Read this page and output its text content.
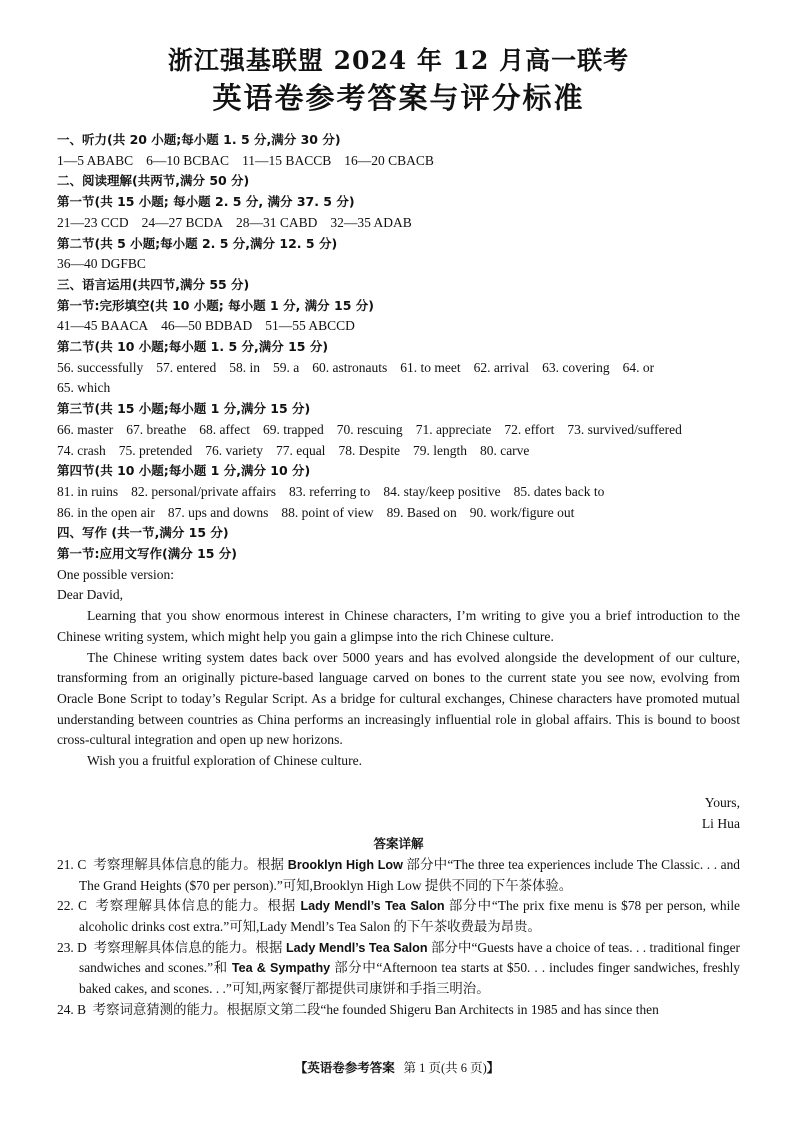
浙江强基联盟 2024 年 12 月高一联考
英语卷参考答案与评分标准
一、听力(共 20 小题;每小题 1. 5 分,满分 30 分)
1—5 ABABC 6—10 BCBAC 11—15 BACCB 16—20 CBACB
二、阅读理解(共两节,满分 50 分)
第一节(共 15 小题; 每小题 2. 5 分, 满分 37. 5 分)
21—23 CCD 24—27 BCDA 28—31 CABD 32—35 ADAB
第二节(共 5 小题;每小题 2. 5 分,满分 12. 5 分)
36—40 DGFBC
三、语言运用(共四节,满分 55 分)
第一节:完形填空(共 10 小题; 每小题 1 分, 满分 15 分)
41—45 BAACA 46—50 BDBAD 51—55 ABCCD
第二节(共 10 小题;每小题 1. 5 分,满分 15 分)
56. successfully 57. entered 58. in 59. a 60. astronauts 61. to meet 62. arrival 63. covering 64. or
65. which
第三节(共 15 小题;每小题 1 分,满分 15 分)
66. master 67. breathe 68. affect 69. trapped 70. rescuing 71. appreciate 72. effort 73. survived/suffered
74. crash 75. pretended 76. variety 77. equal 78. Despite 79. length 80. carve
第四节(共 10 小题;每小题 1 分,满分 10 分)
81. in ruins 82. personal/private affairs 83. referring to 84. stay/keep positive 85. dates back to
86. in the open air 87. ups and downs 88. point of view 89. Based on 90. work/figure out
四、写作 (共一节,满分 15 分)
第一节:应用文写作(满分 15 分)
One possible version:
Dear David,

Learning that you show enormous interest in Chinese characters, I’m writing to give you a brief introduction to the Chinese writing system, which might help you gain a glimpse into the rich Chinese culture.

The Chinese writing system dates back over 5000 years and has evolved alongside the development of our culture, transforming from an originally picture-based language carved on bones to the current state you see now, evolving from Oracle Bone Script to today’s Regular Script. As a bridge for cultural exchanges, Chinese characters have promoted mutual understanding between countries as China performs an increasingly influential role in global affairs. This is bound to boost cross-cultural integration and open up new horizons.

Wish you a fruitful exploration of Chinese culture.

Yours,
Li Hua
答案详解

21. C 考察理解具体信息的能力。根据 Brooklyn High Low 部分中“The three tea experiences include The Classic. . . and The Grand Heights ($70 per person).”可知,Brooklyn High Low 提供不同的下午茶体验。

22. C 考察理解具体信息的能力。根据 Lady Mendl’s Tea Salon 部分中“The prix fixe menu is $78 per person, while alcoholic drinks cost extra.”可知,Lady Mendl’s Tea Salon 的下午茶收费最为昂贵。

23. D 考察理解具体信息的能力。根据 Lady Mendl’s Tea Salon 部分中“Guests have a choice of teas. . . traditional finger sandwiches and scones.”和 Tea & Sympathy 部分中“Afternoon tea starts at $50. . . includes finger sandwiches, freshly baked cakes, and scones. . .”可知,两家餐厅都提供司康饼和手指三明治。

24. B 考察词意猜测的能力。根据原文第二段“he founded Shigeru Ban Architects in 1985 and has since then

【英语卷参考答案 第 1 页(共 6 页)】
